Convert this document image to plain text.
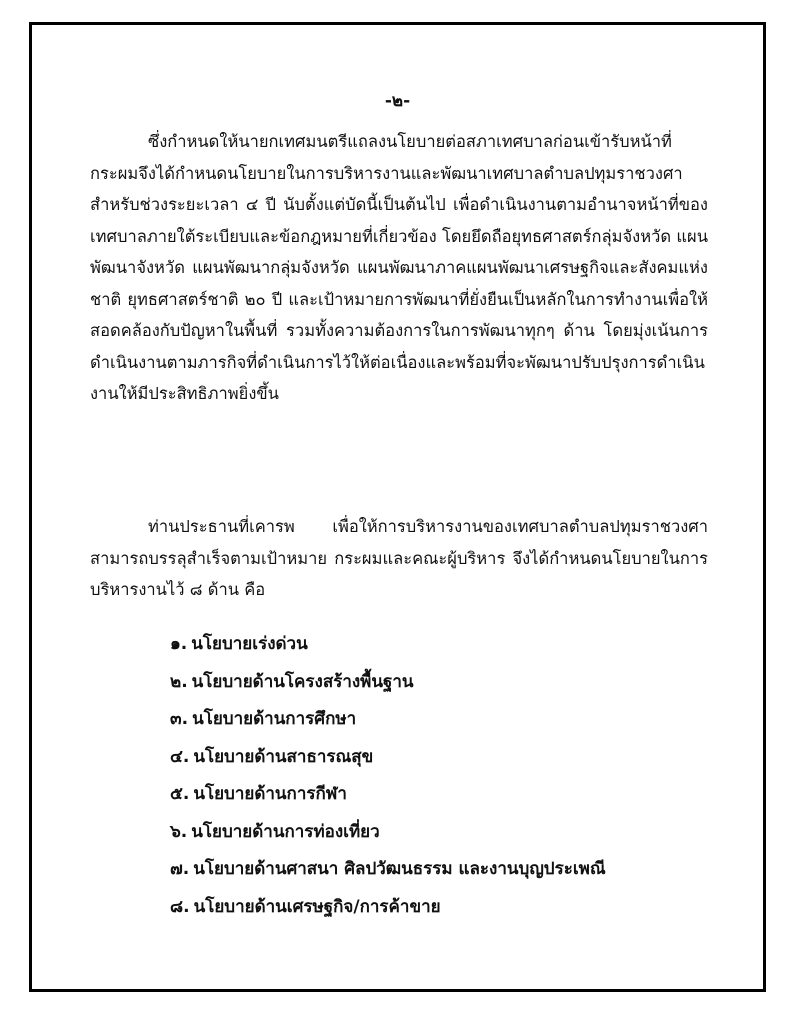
-๒-

ซึ่งกำหนดให้นายกเทศมนตรีแถลงนโยบายต่อสภาเทศบาลก่อนเข้ารับหน้าที่ กระผมจึงได้กำหนดนโยบายในการบริหารงานและพัฒนาเทศบาลตำบลปทุมราชวงศา สำหรับช่วงระยะเวลา ๔ ปี นับตั้งแต่บัดนี้เป็นต้นไป เพื่อดำเนินงานตามอำนาจหน้าที่ของเทศบาลภายใต้ระเบียบและข้อกฎหมายที่เกี่ยวข้อง โดยยึดถือยุทธศาสตร์กลุ่มจังหวัด แผนพัฒนาจังหวัด แผนพัฒนากลุ่มจังหวัด แผนพัฒนาภาคแผนพัฒนาเศรษฐกิจและสังคมแห่งชาติ ยุทธศาสตร์ชาติ ๒๐ ปี และเป้าหมายการพัฒนาที่ยั่งยืนเป็นหลักในการทำงานเพื่อให้สอดคล้องกับปัญหาในพื้นที่ รวมทั้งความต้องการในการพัฒนาทุกๆ ด้าน โดยมุ่งเน้นการดำเนินงานตามภารกิจที่ดำเนินการไว้ให้ต่อเนื่องและพร้อมที่จะพัฒนาปรับปรุงการดำเนินงานให้มีประสิทธิภาพยิ่งขึ้น

ท่านประธานที่เคารพ เพื่อให้การบริหารงานของเทศบาลตำบลปทุมราชวงศาสามารถบรรลุสำเร็จตามเป้าหมาย กระผมและคณะผู้บริหาร จึงได้กำหนดนโยบายในการบริหารงานไว้ ๘ ด้าน คือ

๑. นโยบายเร่งด่วน
๒. นโยบายด้านโครงสร้างพื้นฐาน
๓. นโยบายด้านการศึกษา
๔. นโยบายด้านสาธารณสุข
๕. นโยบายด้านการกีฬา
๖. นโยบายด้านการท่องเที่ยว
๗. นโยบายด้านศาสนา ศิลปวัฒนธรรม และงานบุญประเพณี
๘. นโยบายด้านเศรษฐกิจ/การค้าขาย
